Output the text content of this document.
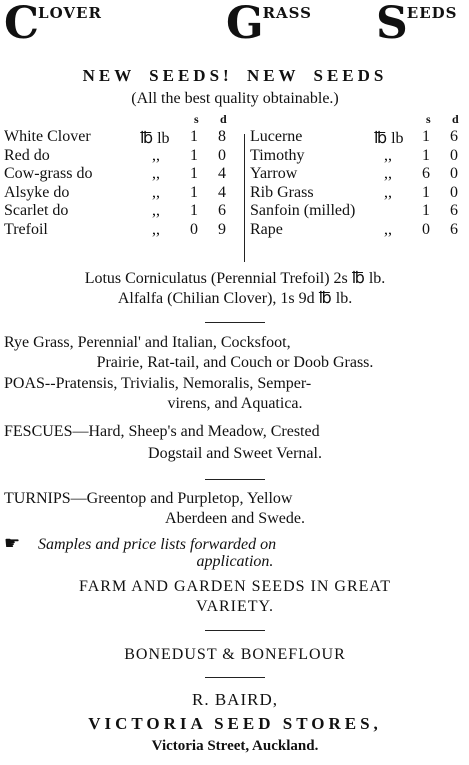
CLOVER	GRASS SEEDS
NEW SEEDS! NEW SEEDS
(All the best quality obtainable.)
s d
White Clover	℔ lb 1 8
Red do	,, 1 0
Cow-grass do	,, 1 4
Alsyke do	,, 1 4
Scarlet do	,, 1 6
Trefoil	,, 0 9
s d
Lucerne	℔ lb 1 6
Timothy	,, 1 0
Yarrow	,, 6 0
Rib Grass	,, 1 0
Sanfoin (milled)	1 6
Rape	,, 0 6
Lotus Corniculatus (Perennial Trefoil) 2s ℔ lb.
Alfalfa (Chilian Clover), 1s 9d ℔ lb.
Rye Grass, Perennial' and Italian, Cocksfoot,
Prairie, Rat-tail, and Couch or Doob Grass.
POAS--Pratensis, Trivialis, Nemoralis, Semper-
virens, and Aquatica.
FESCUES—Hard, Sheep's and Meadow, Crested
Dogstail and Sweet Vernal.
TURNIPS—Greentop and Purpletop, Yellow
Aberdeen and Swede.
☛ Samples and price lists forwarded on
application.
FARM AND GARDEN SEEDS IN GREAT
VARIETY.
BONEDUST & BONEFLOUR
R. BAIRD,
VICTORIA SEED STORES,
Victoria Street, Auckland.
